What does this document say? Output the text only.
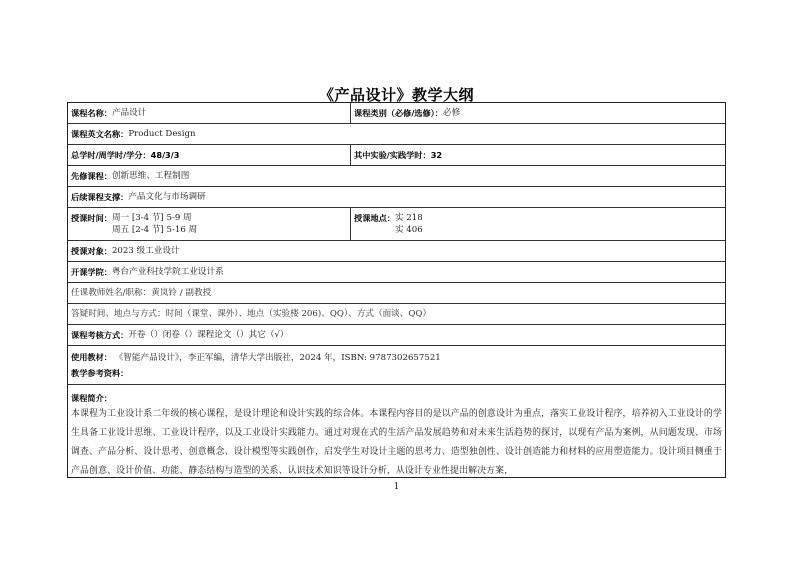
《产品设计》教学大纲
课程名称： 产品设计	课程类别（必修/选修）： 必修
课程英文名称： Product Design
总学时/周学时/学分： 48/3/3	其中实验/实践学时： 32
先修课程： 创新思维、工程制图
后续课程支撑： 产品文化与市场调研
授课时间： 周一 [3-4 节] 5-9 周
周五 [2-4 节] 5-16 周
授课地点： 实 218
实 406
授课对象： 2023 级工业设计
开课学院： 粤台产业科技学院工业设计系
任课教师姓名/职称：黄岚铃 / 副教授
答疑时间、地点与方式：时间（课堂、课外）、地点（实验楼 206)、QQ）、方式（面谈、QQ）
课程考核方式： 开卷（）闭卷（）课程论文（）其它（√）
使用教材： 《智能产品设计》，李正军编，清华大学出版社，2024 年，ISBN: 9787302657521
教学参考资料：
课程简介：
本课程为工业设计系二年级的核心课程，是设计理论和设计实践的综合体。本课程内容目的是以产品的创意设计为重点，落实工业设计程序，培养初入工业设计的学生具备工业设计思维、工业设计程序，以及工业设计实践能力。通过对现在式的生活产品发展趋势和对未来生活趋势的探讨，以现有产品为案例，从问题发现、市场调查、产品分析、设计思考、创意概念、设计模型等实践创作，启发学生对设计主题的思考力、造型独创性、设计创造能力和材料的应用塑造能力。设计项目侧重于产品创意、设计价值、功能、静态结构与造型的关系、认识技术知识等设计分析，从设计专业性提出解决方案，
1
